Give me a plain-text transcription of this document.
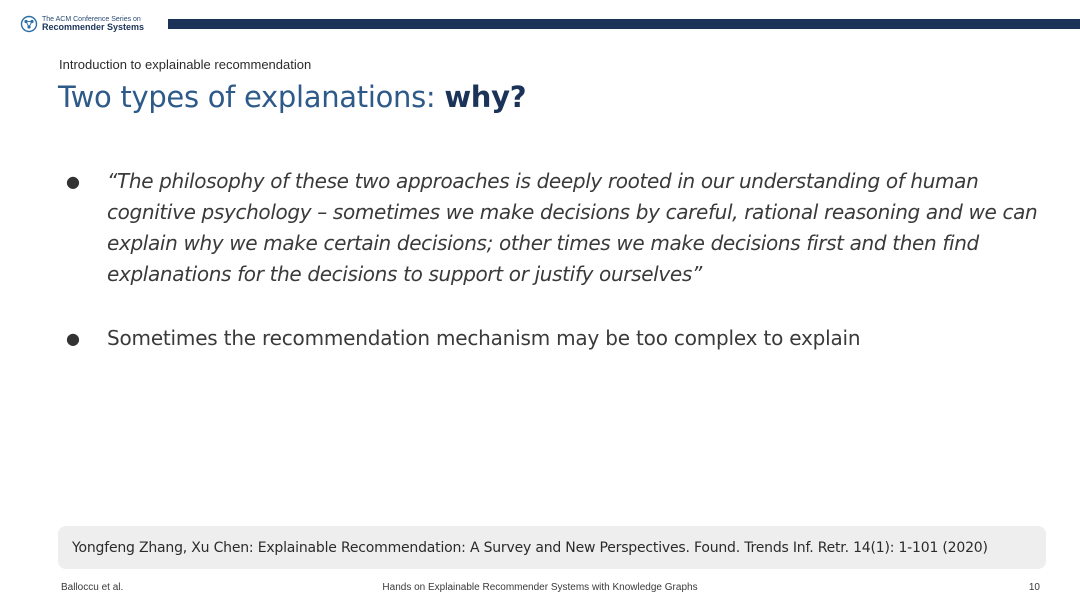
The ACM Conference Series on
Recommender Systems
Introduction to explainable recommendation
Two types of explanations: why?
● “The philosophy of these two approaches is deeply rooted in our understanding of human cognitive psychology – sometimes we make decisions by careful, rational reasoning and we can explain why we make certain decisions; other times we make decisions first and then find explanations for the decisions to support or justify ourselves”
● Sometimes the recommendation mechanism may be too complex to explain
Yongfeng Zhang, Xu Chen: Explainable Recommendation: A Survey and New Perspectives. Found. Trends Inf. Retr. 14(1): 1-101 (2020)
Balloccu et al.	Hands on Explainable Recommender Systems with Knowledge Graphs	10
